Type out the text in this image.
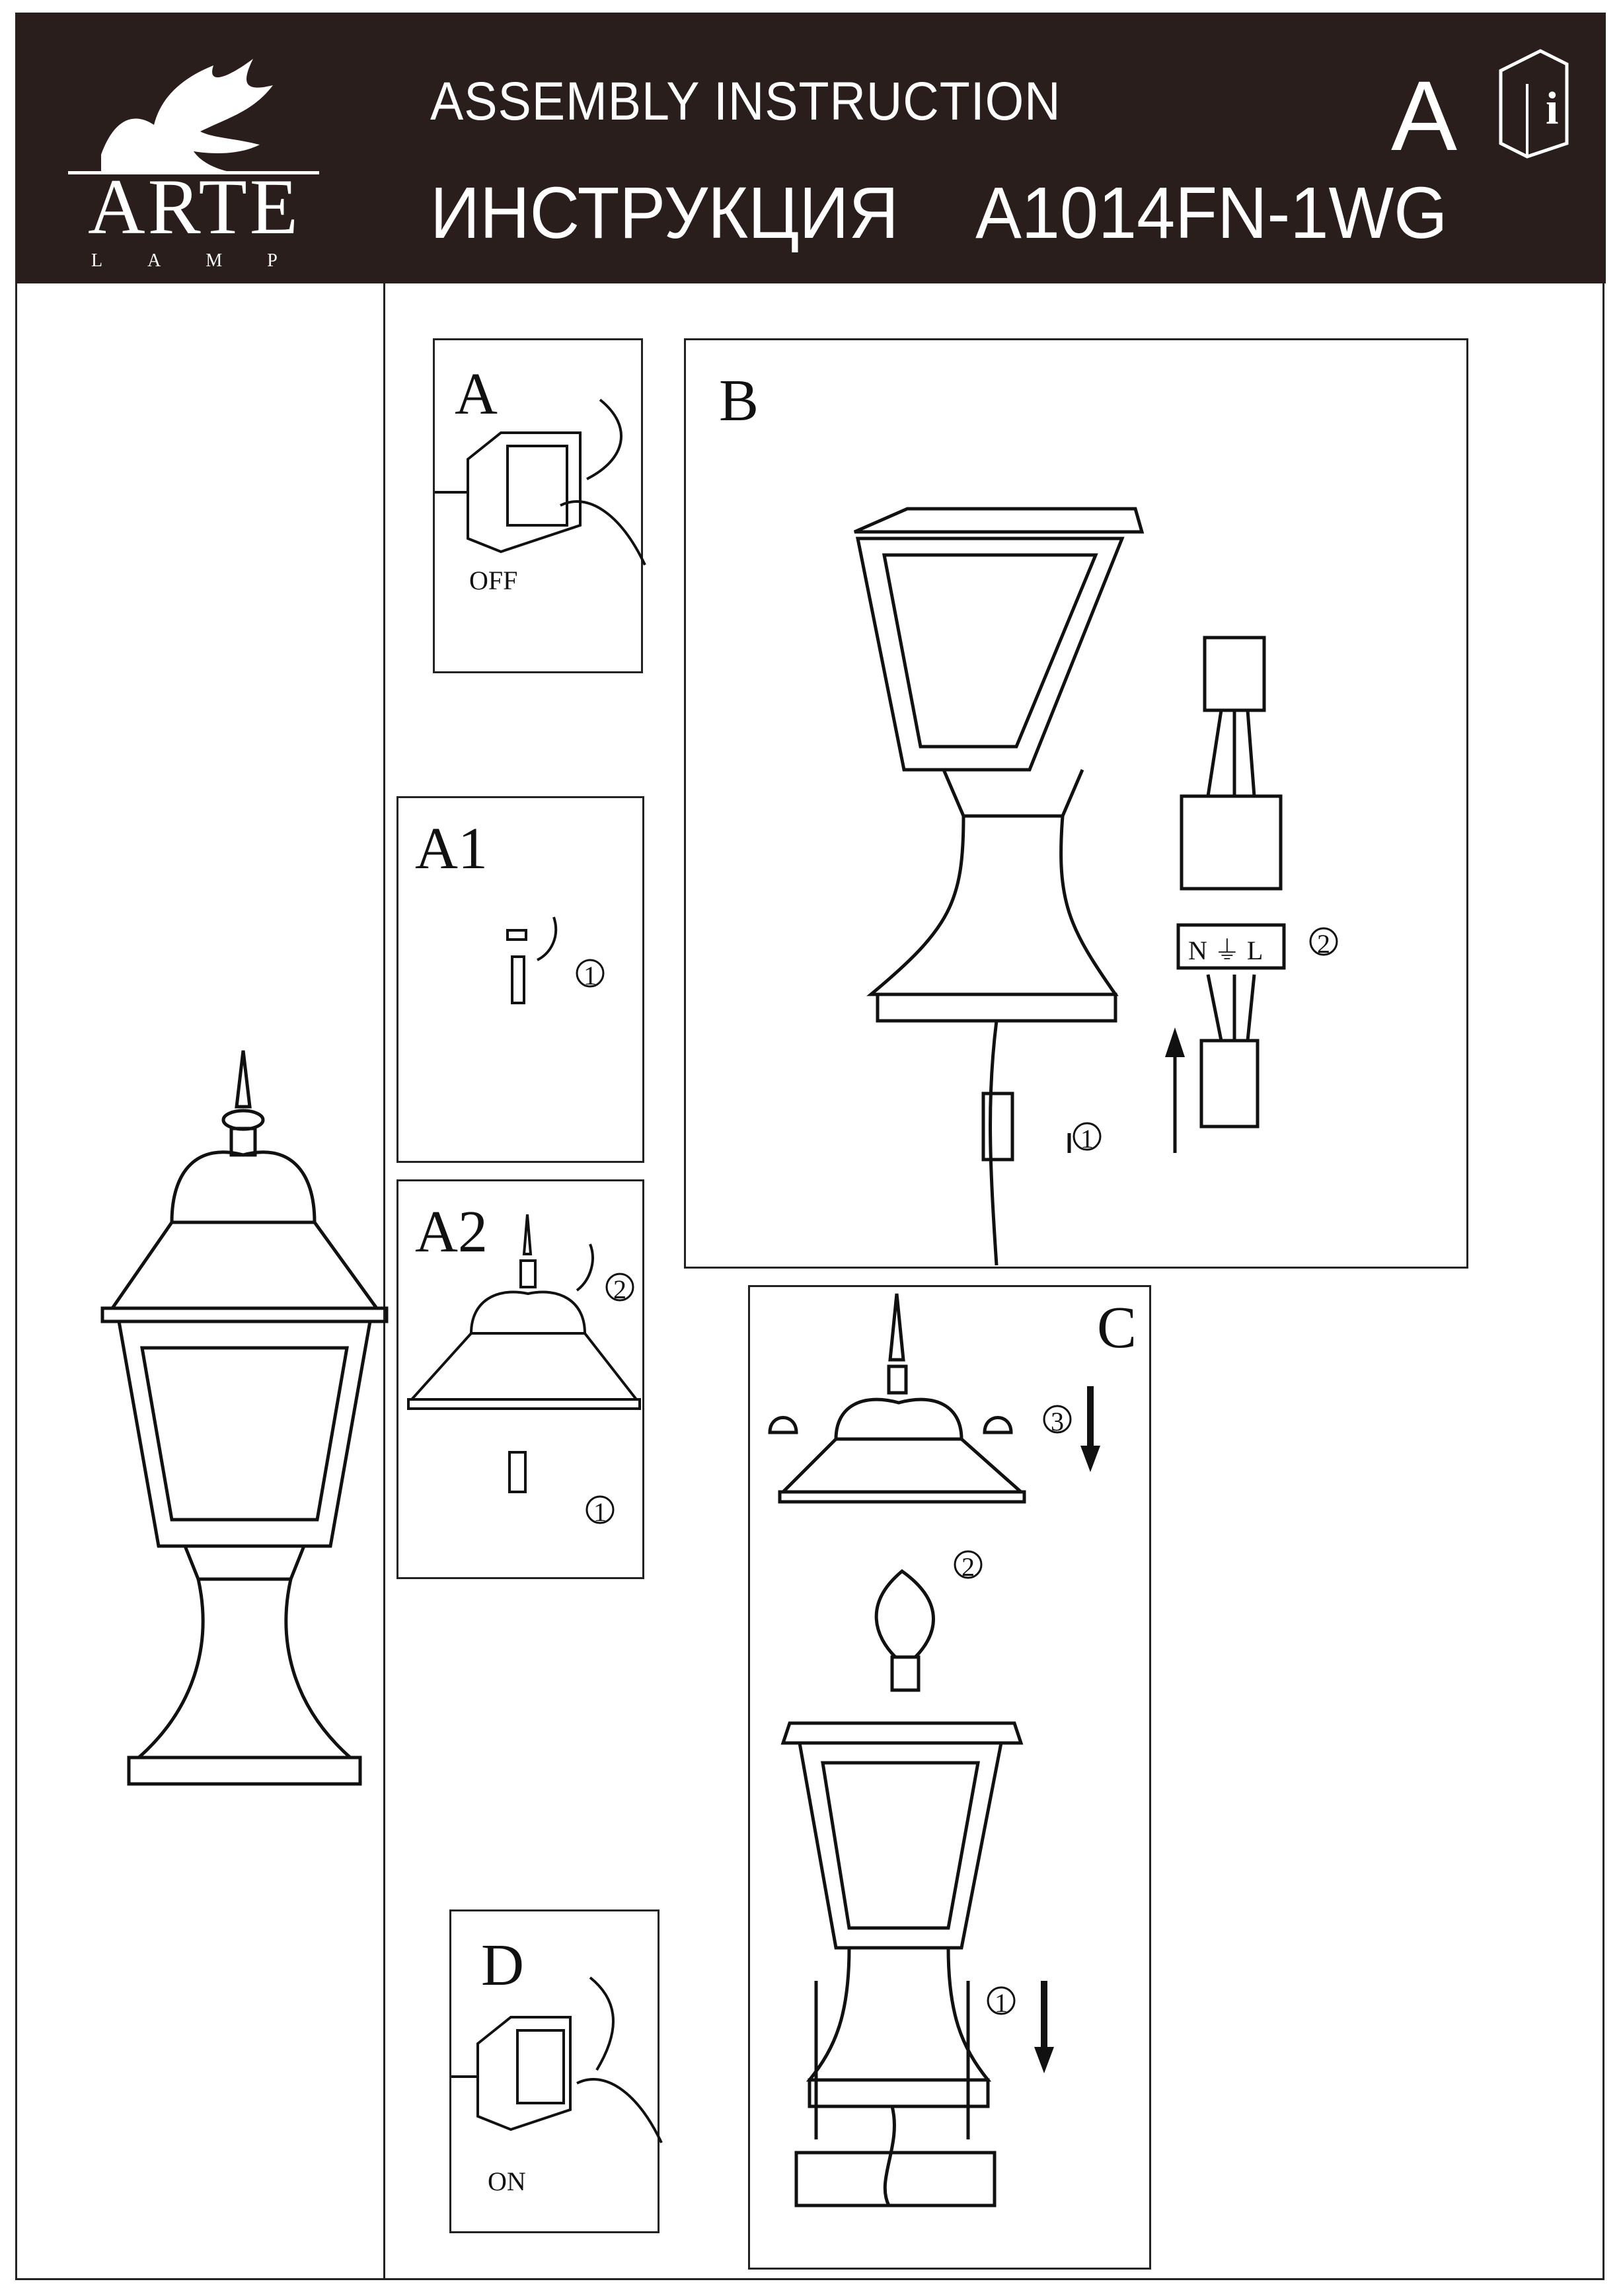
ARTE
LAMP
ASSEMBLY INSTRUCTION
ИНСТРУКЦИЯ    A1014FN-1WG
A i
A
OFF
A1
1
A2
2
1
B
1
2
N ⏚ L
C
3
2
1
D
ON
